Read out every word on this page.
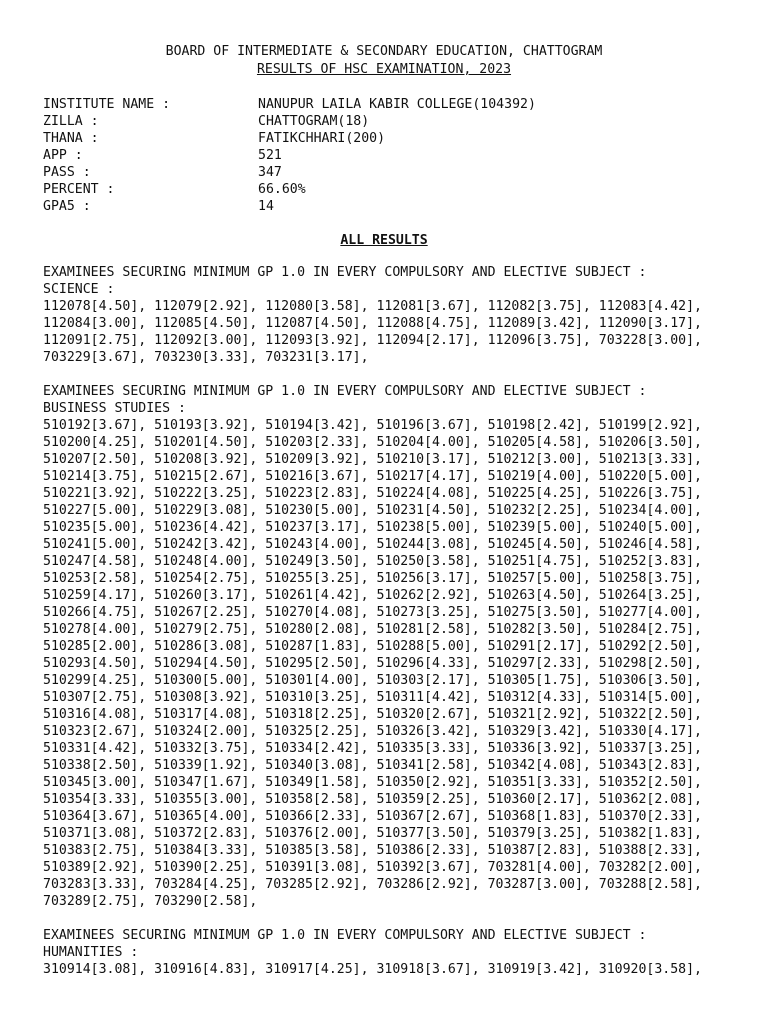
BOARD OF INTERMEDIATE & SECONDARY EDUCATION, CHATTOGRAM
RESULTS OF HSC EXAMINATION, 2023
INSTITUTE NAME :	NANUPUR LAILA KABIR COLLEGE(104392)
ZILLA :	CHATTOGRAM(18)
THANA :	FATIKCHHARI(200)
APP :	521
PASS :	347
PERCENT :	66.60%
GPA5 :	14
ALL RESULTS
EXAMINEES SECURING MINIMUM GP 1.0 IN EVERY COMPULSORY AND ELECTIVE SUBJECT :
SCIENCE :
112078[4.50], 112079[2.92], 112080[3.58], 112081[3.67], 112082[3.75], 112083[4.42],
112084[3.00], 112085[4.50], 112087[4.50], 112088[4.75], 112089[3.42], 112090[3.17],
112091[2.75], 112092[3.00], 112093[3.92], 112094[2.17], 112096[3.75], 703228[3.00],
703229[3.67], 703230[3.33], 703231[3.17],
EXAMINEES SECURING MINIMUM GP 1.0 IN EVERY COMPULSORY AND ELECTIVE SUBJECT :
BUSINESS STUDIES :
510192[3.67], 510193[3.92], 510194[3.42], 510196[3.67], 510198[2.42], 510199[2.92],
510200[4.25], 510201[4.50], 510203[2.33], 510204[4.00], 510205[4.58], 510206[3.50],
510207[2.50], 510208[3.92], 510209[3.92], 510210[3.17], 510212[3.00], 510213[3.33],
510214[3.75], 510215[2.67], 510216[3.67], 510217[4.17], 510219[4.00], 510220[5.00],
510221[3.92], 510222[3.25], 510223[2.83], 510224[4.08], 510225[4.25], 510226[3.75],
510227[5.00], 510229[3.08], 510230[5.00], 510231[4.50], 510232[2.25], 510234[4.00],
510235[5.00], 510236[4.42], 510237[3.17], 510238[5.00], 510239[5.00], 510240[5.00],
510241[5.00], 510242[3.42], 510243[4.00], 510244[3.08], 510245[4.50], 510246[4.58],
510247[4.58], 510248[4.00], 510249[3.50], 510250[3.58], 510251[4.75], 510252[3.83],
510253[2.58], 510254[2.75], 510255[3.25], 510256[3.17], 510257[5.00], 510258[3.75],
510259[4.17], 510260[3.17], 510261[4.42], 510262[2.92], 510263[4.50], 510264[3.25],
510266[4.75], 510267[2.25], 510270[4.08], 510273[3.25], 510275[3.50], 510277[4.00],
510278[4.00], 510279[2.75], 510280[2.08], 510281[2.58], 510282[3.50], 510284[2.75],
510285[2.00], 510286[3.08], 510287[1.83], 510288[5.00], 510291[2.17], 510292[2.50],
510293[4.50], 510294[4.50], 510295[2.50], 510296[4.33], 510297[2.33], 510298[2.50],
510299[4.25], 510300[5.00], 510301[4.00], 510303[2.17], 510305[1.75], 510306[3.50],
510307[2.75], 510308[3.92], 510310[3.25], 510311[4.42], 510312[4.33], 510314[5.00],
510316[4.08], 510317[4.08], 510318[2.25], 510320[2.67], 510321[2.92], 510322[2.50],
510323[2.67], 510324[2.00], 510325[2.25], 510326[3.42], 510329[3.42], 510330[4.17],
510331[4.42], 510332[3.75], 510334[2.42], 510335[3.33], 510336[3.92], 510337[3.25],
510338[2.50], 510339[1.92], 510340[3.08], 510341[2.58], 510342[4.08], 510343[2.83],
510345[3.00], 510347[1.67], 510349[1.58], 510350[2.92], 510351[3.33], 510352[2.50],
510354[3.33], 510355[3.00], 510358[2.58], 510359[2.25], 510360[2.17], 510362[2.08],
510364[3.67], 510365[4.00], 510366[2.33], 510367[2.67], 510368[1.83], 510370[2.33],
510371[3.08], 510372[2.83], 510376[2.00], 510377[3.50], 510379[3.25], 510382[1.83],
510383[2.75], 510384[3.33], 510385[3.58], 510386[2.33], 510387[2.83], 510388[2.33],
510389[2.92], 510390[2.25], 510391[3.08], 510392[3.67], 703281[4.00], 703282[2.00],
703283[3.33], 703284[4.25], 703285[2.92], 703286[2.92], 703287[3.00], 703288[2.58],
703289[2.75], 703290[2.58],
EXAMINEES SECURING MINIMUM GP 1.0 IN EVERY COMPULSORY AND ELECTIVE SUBJECT :
HUMANITIES :
310914[3.08], 310916[4.83], 310917[4.25], 310918[3.67], 310919[3.42], 310920[3.58],
